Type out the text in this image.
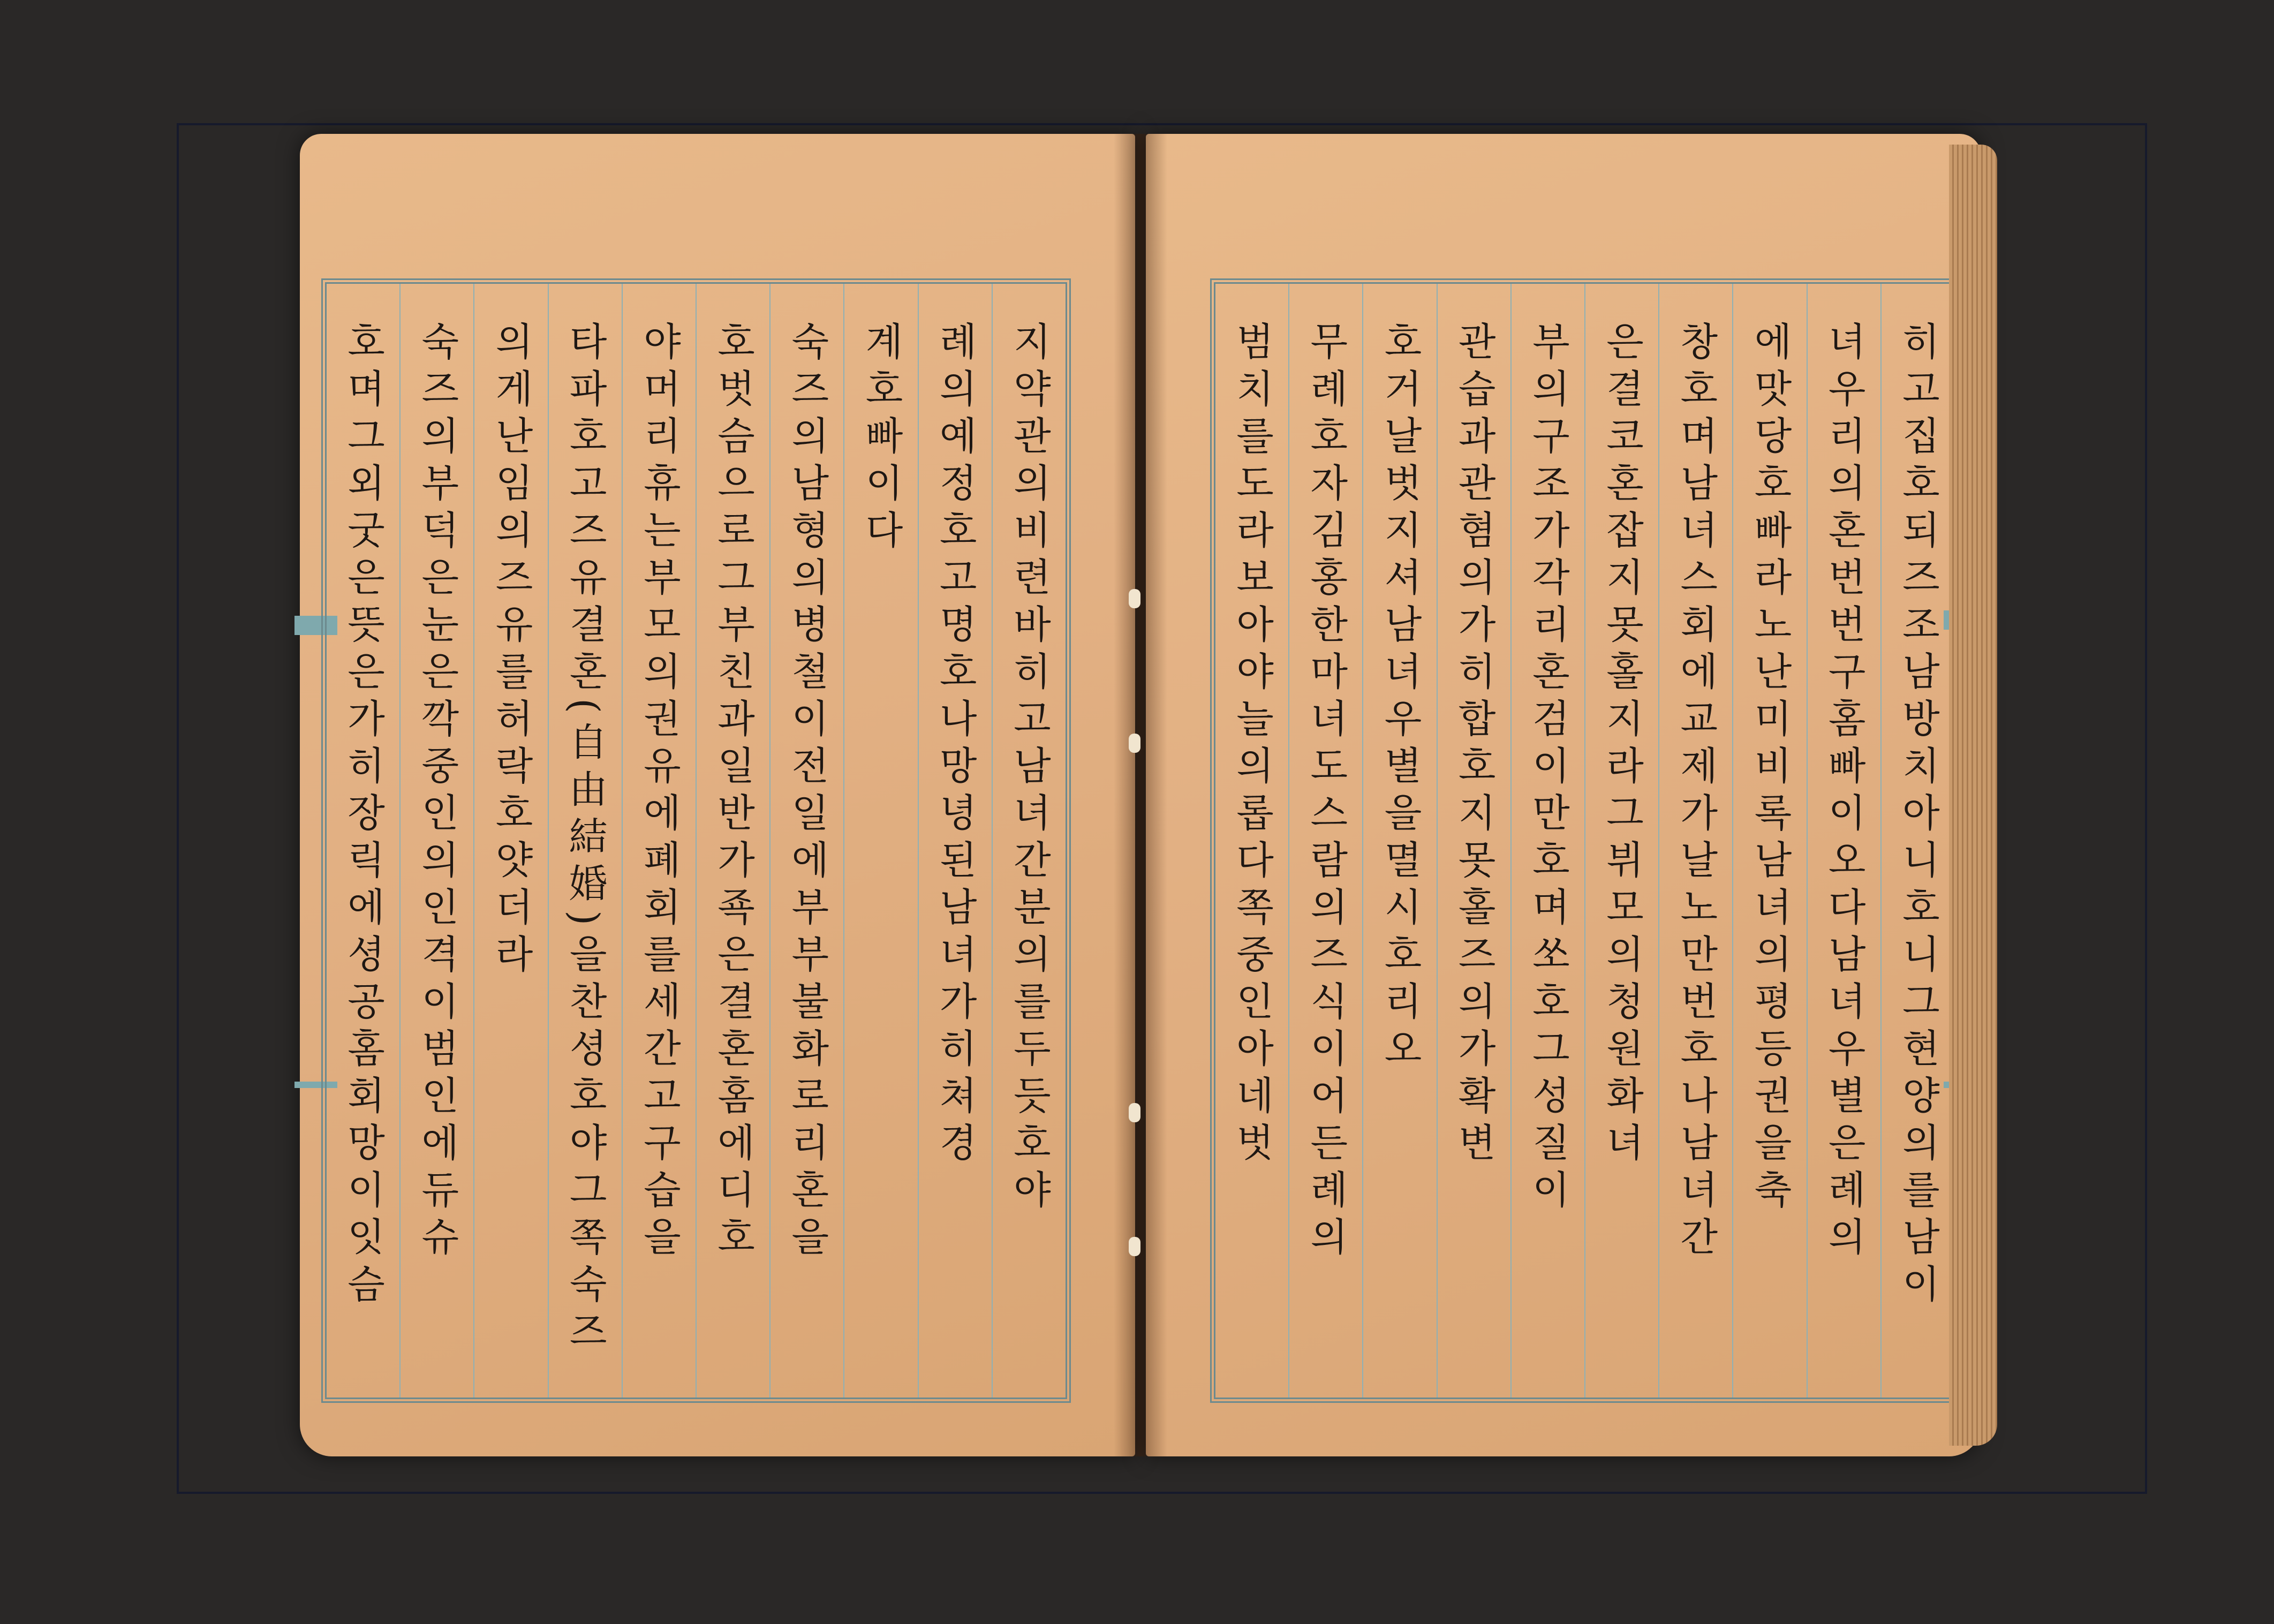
지약관의비련바히고남녀간분의를두듯호야
례의예정호고명호나망녕된남녀가히쳐경
계호빠이다
숙즈의남형의병철이전일에부부불화로리혼을
호벗슴으로그부친과일반가죡은결혼홈에디호
야머리휴는부모의권유에폐회를세간고구습을
타파호고즈유결혼(自由結婚)을찬셩호야그쪽숙즈
의게난임의즈유를허락호얏더라
숙즈의부덕은눈은깍중인의인격이범인에듀슈
호며그외굿은뜻은가히장릭에셩공홈회망이잇슴	히고집호되즈조남방치아니호니그현양의를남이
녀우리의혼번번구홈빠이오다남녀우별은례의
에맛당호빠라노난미비록남녀의평등권을축
창호며남녀스회에교제가날노만번호나남녀간
은결코혼잡지못홀지라그뷔모의청원화녀
부의구조가각리혼검이만호며쏘호그성질이
관습과관혐의가히합호지못홀즈의가확변
호거날벗지셔남녀우별을멸시호리오
무례호자김홍한마녀도스람의즈식이어든례의
범치를도라보아야늘의롭다쪽중인아네벗
